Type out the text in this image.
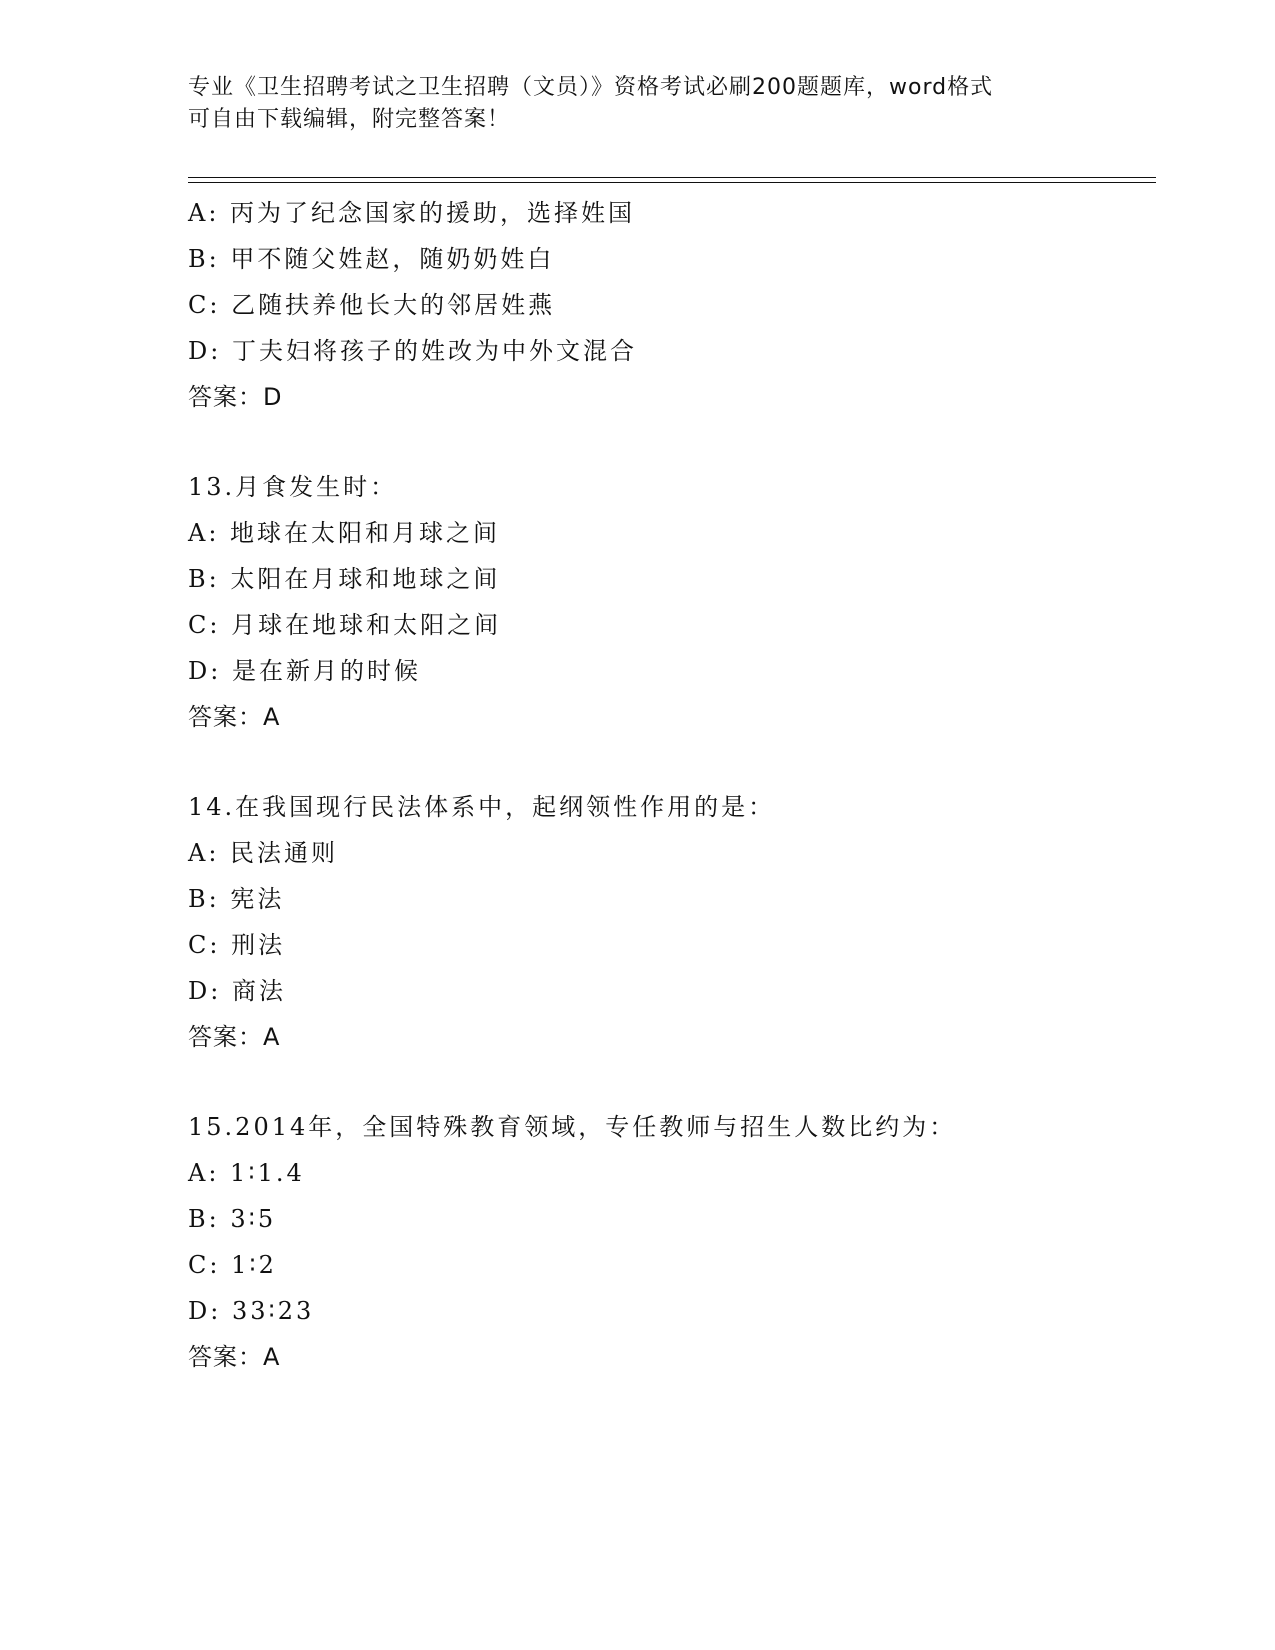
专业《卫生招聘考试之卫生招聘（文员）》资格考试必刷200题题库，word格式
可自由下载编辑，附完整答案！
A: 丙为了纪念国家的援助，选择姓国
B: 甲不随父姓赵，随奶奶姓白
C: 乙随扶养他长大的邻居姓燕
D: 丁夫妇将孩子的姓改为中外文混合
答案：D
13.月食发生时：
A: 地球在太阳和月球之间
B: 太阳在月球和地球之间
C: 月球在地球和太阳之间
D: 是在新月的时候
答案：A
14.在我国现行民法体系中，起纲领性作用的是：
A: 民法通则
B: 宪法
C: 刑法
D: 商法
答案：A
15.2014年，全国特殊教育领域，专任教师与招生人数比约为：
A: 1∶1.4
B: 3∶5
C: 1∶2
D: 33∶23
答案：A
